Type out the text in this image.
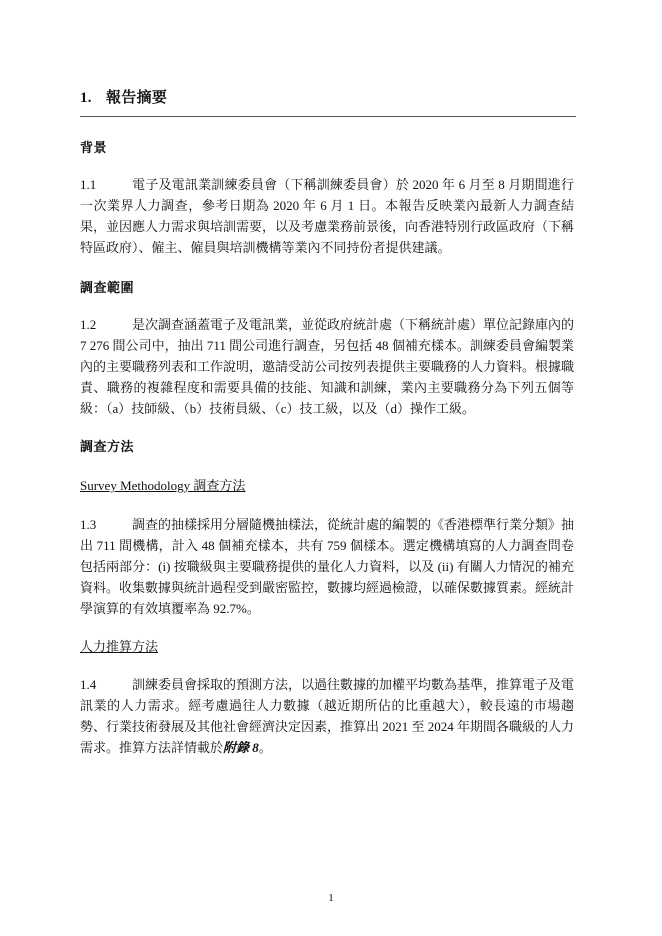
1. 報告摘要
背景
1.1	電子及電訊業訓練委員會（下稱訓練委員會）於 2020 年 6 月至 8 月期間進行一次業界人力調查，參考日期為 2020 年 6 月 1 日。本報告反映業內最新人力調查結果，並因應人力需求與培訓需要，以及考慮業務前景後，向香港特別行政區政府（下稱特區政府）、僱主、僱員與培訓機構等業內不同持份者提供建議。
調查範圍
1.2	是次調查涵蓋電子及電訊業，並從政府統計處（下稱統計處）單位記錄庫內的 7 276 間公司中，抽出 711 間公司進行調查，另包括 48 個補充樣本。訓練委員會編製業內的主要職務列表和工作說明，邀請受訪公司按列表提供主要職務的人力資料。根據職責、職務的複雜程度和需要具備的技能、知識和訓練，業內主要職務分為下列五個等級：（a）技師級、（b）技術員級、（c）技工級，以及（d）操作工級。
調查方法
Survey Methodology 調查方法
1.3	調查的抽樣採用分層隨機抽樣法，從統計處的編製的《香港標準行業分類》抽出 711 間機構，計入 48 個補充樣本，共有 759 個樣本。選定機構填寫的人力調查問卷包括兩部分：(i) 按職級與主要職務提供的量化人力資料，以及 (ii) 有關人力情況的補充資料。收集數據與統計過程受到嚴密監控，數據均經過檢證，以確保數據質素。經統計學演算的有效填覆率為 92.7%。
人力推算方法
1.4	訓練委員會採取的預測方法，以過往數據的加權平均數為基準，推算電子及電訊業的人力需求。經考慮過往人力數據（越近期所佔的比重越大），較長遠的市場趨勢、行業技術發展及其他社會經濟決定因素，推算出 2021 至 2024 年期間各職級的人力需求。推算方法詳情載於附錄 8。
1
